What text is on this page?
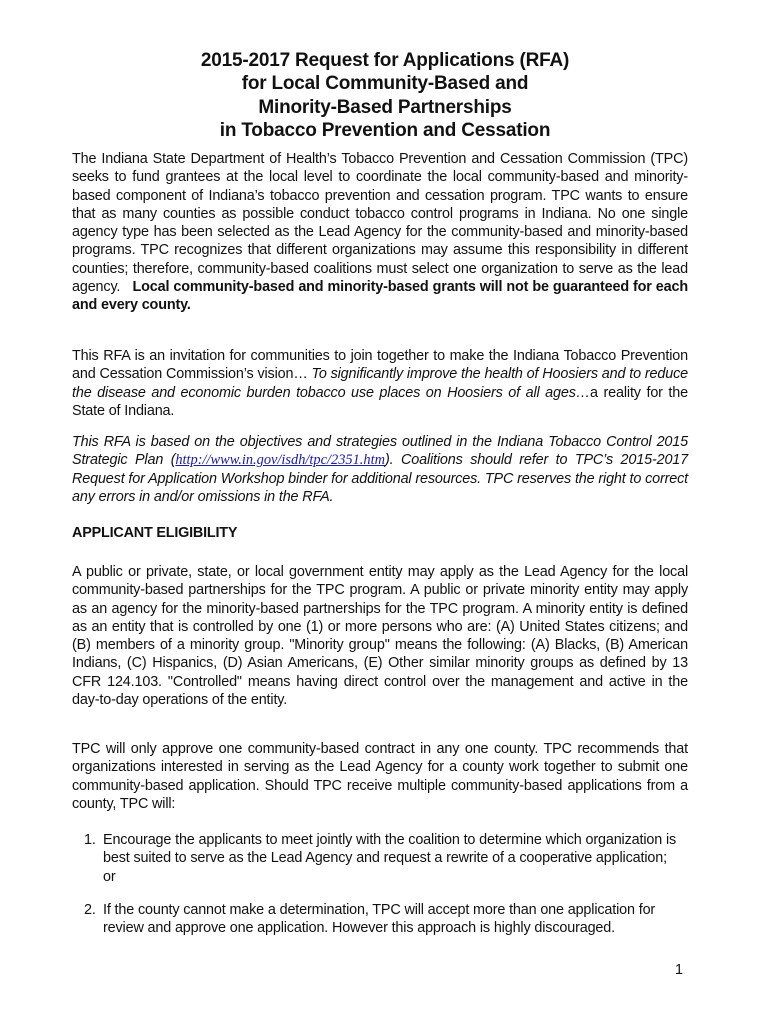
2015-2017 Request for Applications (RFA)
for Local Community-Based and
Minority-Based Partnerships
in Tobacco Prevention and Cessation
The Indiana State Department of Health’s Tobacco Prevention and Cessation Commission (TPC) seeks to fund grantees at the local level to coordinate the local community-based and minority-based component of Indiana’s tobacco prevention and cessation program. TPC wants to ensure that as many counties as possible conduct tobacco control programs in Indiana. No one single agency type has been selected as the Lead Agency for the community-based and minority-based programs. TPC recognizes that different organizations may assume this responsibility in different counties; therefore, community-based coalitions must select one organization to serve as the lead agency. Local community-based and minority-based grants will not be guaranteed for each and every county.
This RFA is an invitation for communities to join together to make the Indiana Tobacco Prevention and Cessation Commission’s vision… To significantly improve the health of Hoosiers and to reduce the disease and economic burden tobacco use places on Hoosiers of all ages…a reality for the State of Indiana.
This RFA is based on the objectives and strategies outlined in the Indiana Tobacco Control 2015 Strategic Plan (http://www.in.gov/isdh/tpc/2351.htm). Coalitions should refer to TPC’s 2015-2017 Request for Application Workshop binder for additional resources. TPC reserves the right to correct any errors in and/or omissions in the RFA.
APPLICANT ELIGIBILITY
A public or private, state, or local government entity may apply as the Lead Agency for the local community-based partnerships for the TPC program. A public or private minority entity may apply as an agency for the minority-based partnerships for the TPC program. A minority entity is defined as an entity that is controlled by one (1) or more persons who are: (A) United States citizens; and (B) members of a minority group. "Minority group" means the following: (A) Blacks, (B) American Indians, (C) Hispanics, (D) Asian Americans, (E) Other similar minority groups as defined by 13 CFR 124.103. "Controlled" means having direct control over the management and active in the day-to-day operations of the entity.
TPC will only approve one community-based contract in any one county. TPC recommends that organizations interested in serving as the Lead Agency for a county work together to submit one community-based application. Should TPC receive multiple community-based applications from a county, TPC will:
1. Encourage the applicants to meet jointly with the coalition to determine which organization is best suited to serve as the Lead Agency and request a rewrite of a cooperative application; or
2. If the county cannot make a determination, TPC will accept more than one application for review and approve one application. However this approach is highly discouraged.
1
